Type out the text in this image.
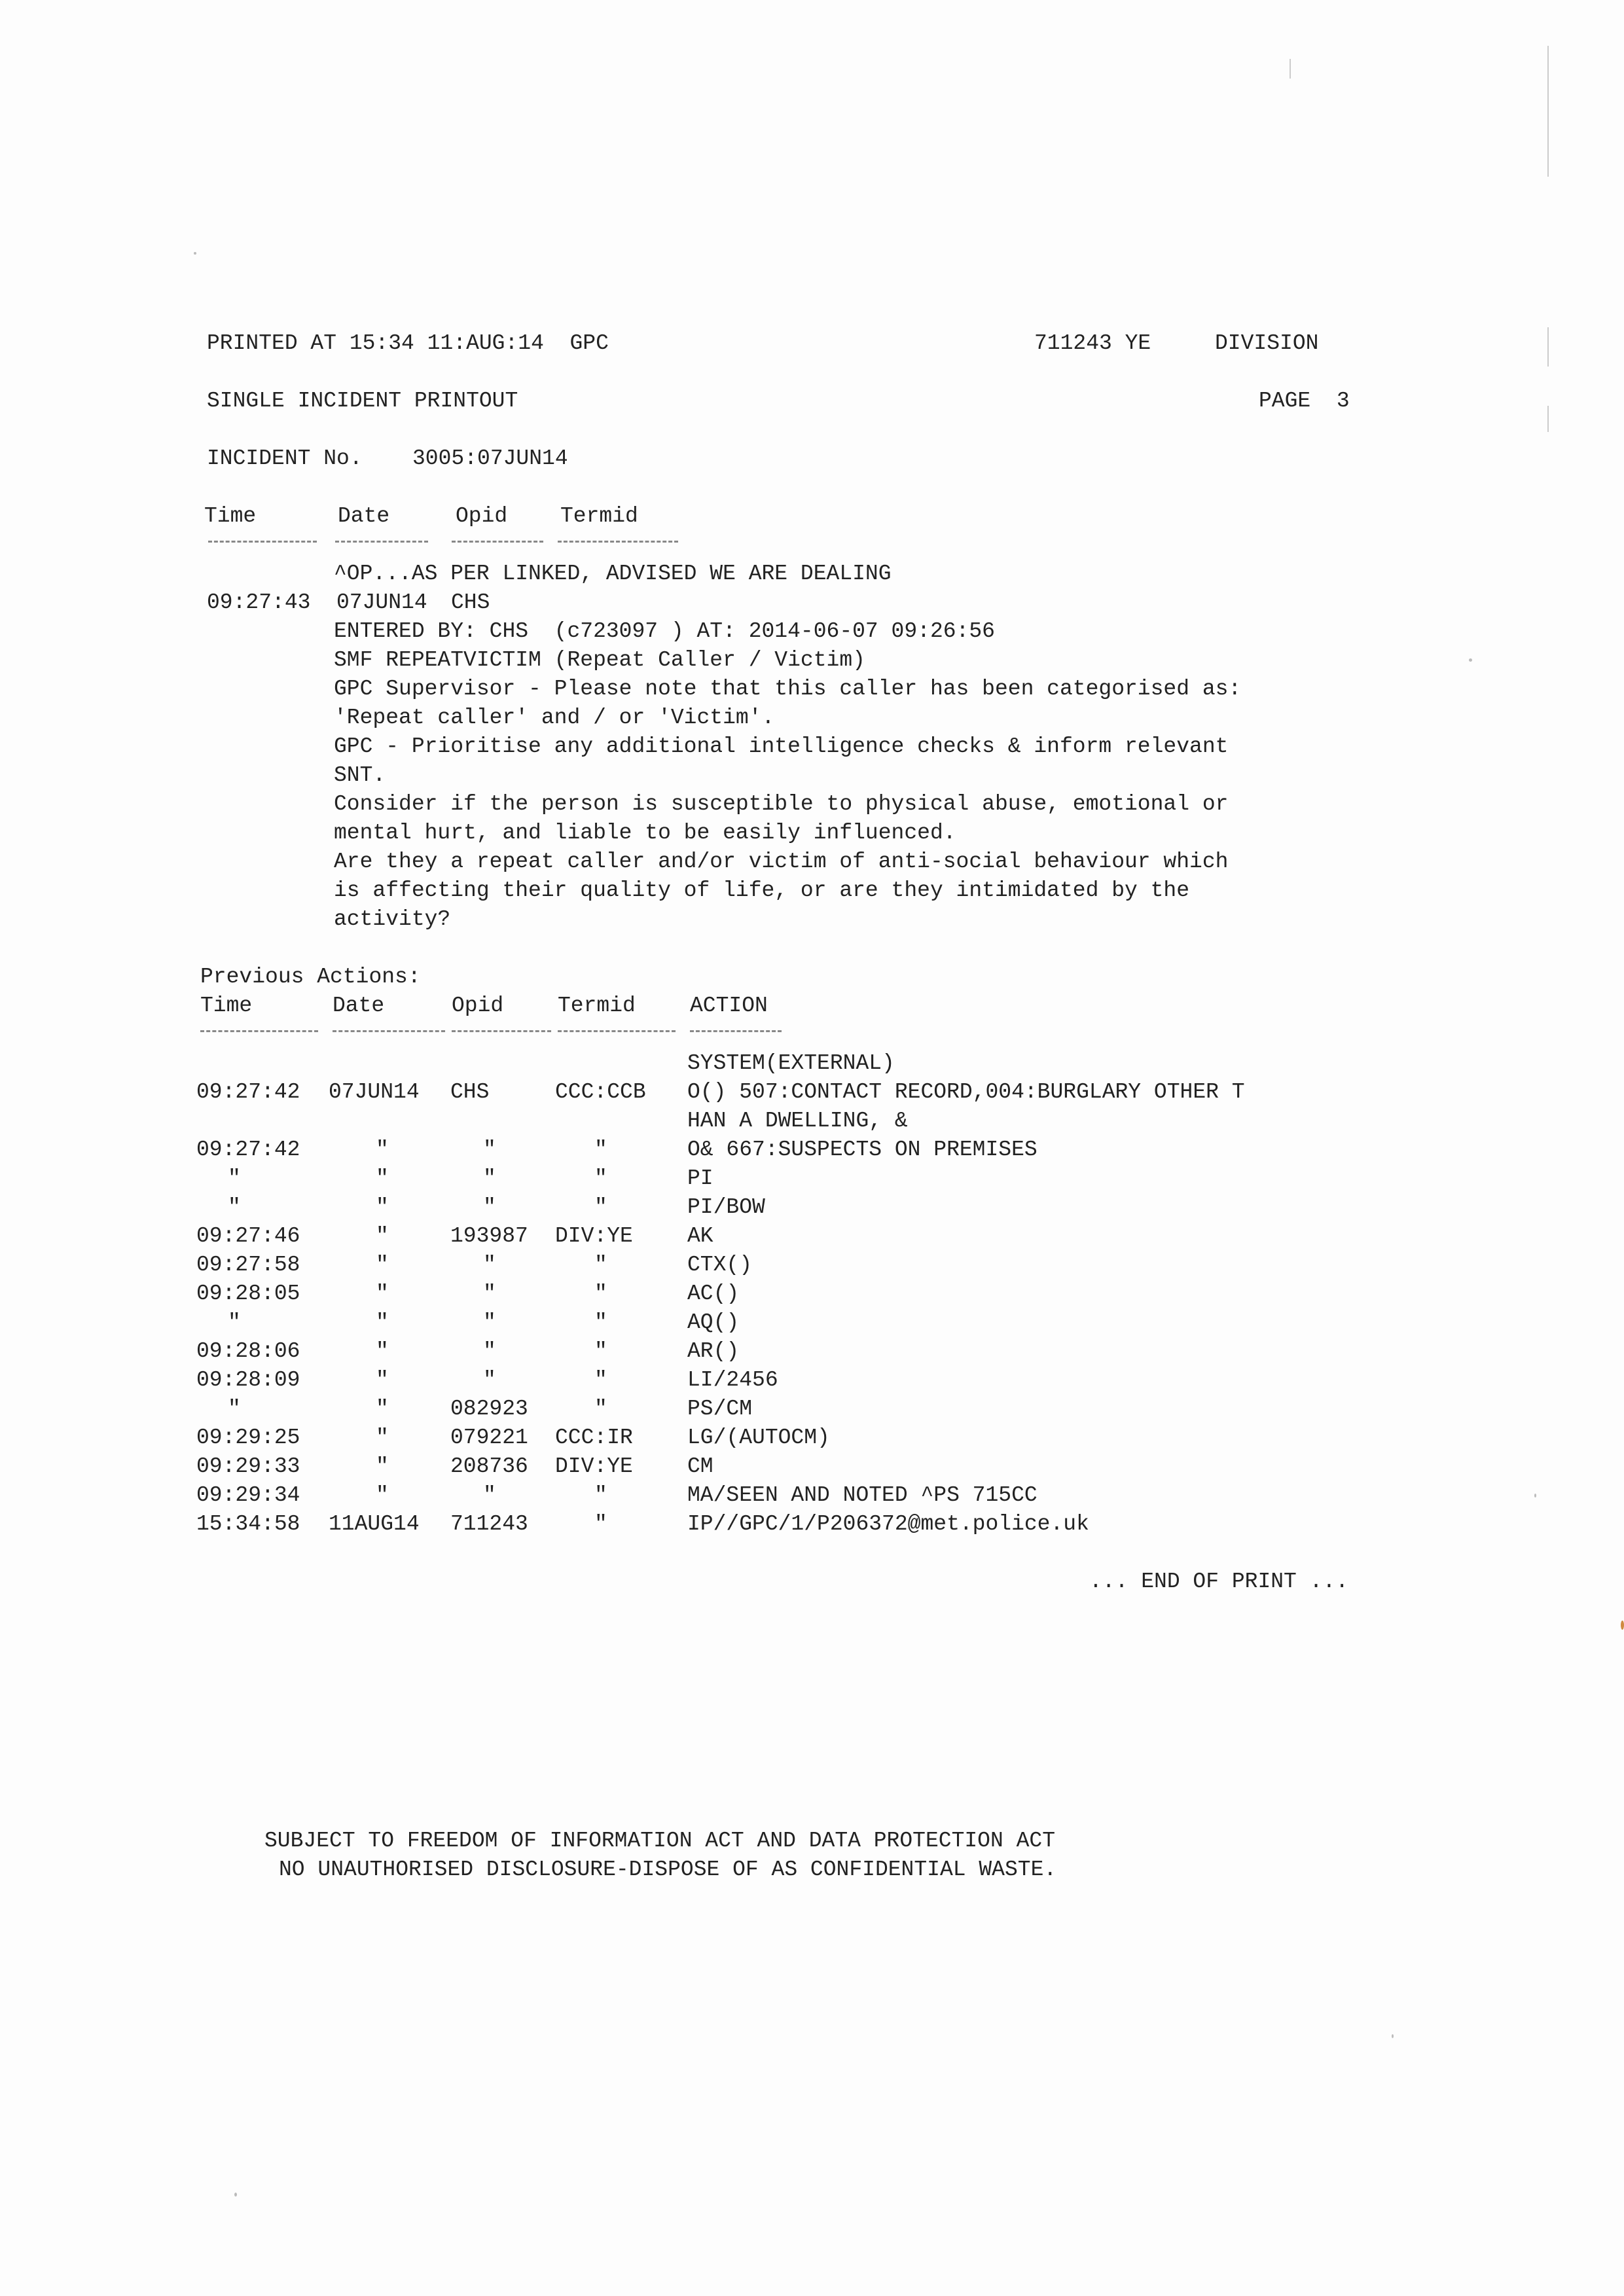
PRINTED AT 15:34 11:AUG:14  GPC	711243 YE	DIVISION
SINGLE INCIDENT PRINTOUT	PAGE  3
INCIDENT No. 3005:07JUN14
Time	Date	Opid Termid
^OP...AS PER LINKED, ADVISED WE ARE DEALING
09:27:43 07JUN14 CHS
ENTERED BY: CHS  (c723097 ) AT: 2014-06-07 09:26:56
SMF REPEATVICTIM (Repeat Caller / Victim)
GPC Supervisor - Please note that this caller has been categorised as:
'Repeat caller' and / or 'Victim'.
GPC - Prioritise any additional intelligence checks & inform relevant
SNT.
Consider if the person is susceptible to physical abuse, emotional or
mental hurt, and liable to be easily influenced.
Are they a repeat caller and/or victim of anti-social behaviour which
is affecting their quality of life, or are they intimidated by the
activity?
Previous Actions:
Time	Date	Opid	Termid	ACTION
SYSTEM(EXTERNAL)
09:27:42 07JUN14 CHS	CCC:CCB O() 507:CONTACT RECORD,004:BURGLARY OTHER T
HAN A DWELLING, &
09:27:42	"	"	"	O& 667:SUSPECTS ON PREMISES
"	"	"	"	PI
"	"	"	"	PI/BOW
09:27:46	"	193987 DIV:YE	AK
09:27:58	"	"	"	CTX()
09:28:05	"	"	"	AC()
"	"	"	"	AQ()
09:28:06	"	"	"	AR()
09:28:09	"	"	"	LI/2456
"	"	082923	"	PS/CM
09:29:25	"	079221 CCC:IR	LG/(AUTOCM)
09:29:33	"	208736 DIV:YE	CM
09:29:34	"	"	"	MA/SEEN AND NOTED ^PS 715CC
15:34:58 11AUG14 711243	"	IP//GPC/1/P206372@met.police.uk
... END OF PRINT ...
SUBJECT TO FREEDOM OF INFORMATION ACT AND DATA PROTECTION ACT
NO UNAUTHORISED DISCLOSURE-DISPOSE OF AS CONFIDENTIAL WASTE.
